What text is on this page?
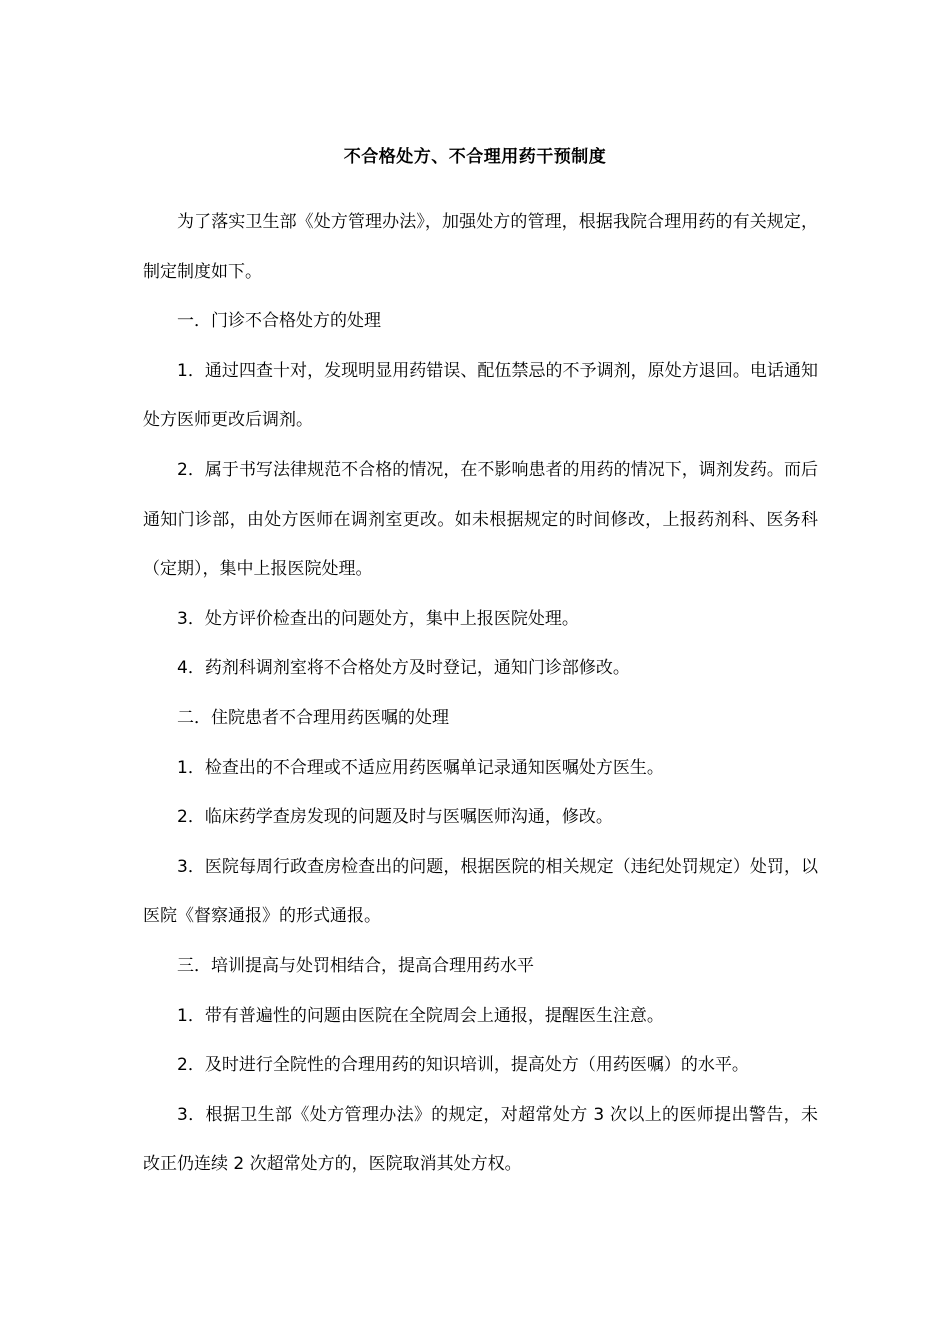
不合格处方、不合理用药干预制度

为了落实卫生部《处方管理办法》，加强处方的管理，根据我院合理用药的有关规定，制定制度如下。

一．门诊不合格处方的处理

1．通过四查十对，发现明显用药错误、配伍禁忌的不予调剂，原处方退回。电话通知处方医师更改后调剂。

2．属于书写法律规范不合格的情况，在不影响患者的用药的情况下，调剂发药。而后通知门诊部，由处方医师在调剂室更改。如未根据规定的时间修改，上报药剂科、医务科（定期），集中上报医院处理。

3．处方评价检查出的问题处方，集中上报医院处理。

4．药剂科调剂室将不合格处方及时登记，通知门诊部修改。

二．住院患者不合理用药医嘱的处理

1．检查出的不合理或不适应用药医嘱单记录通知医嘱处方医生。

2．临床药学查房发现的问题及时与医嘱医师沟通，修改。

3．医院每周行政查房检查出的问题，根据医院的相关规定（违纪处罚规定）处罚，以医院《督察通报》的形式通报。

三．培训提高与处罚相结合，提高合理用药水平

1．带有普遍性的问题由医院在全院周会上通报，提醒医生注意。

2．及时进行全院性的合理用药的知识培训，提高处方（用药医嘱）的水平。

3．根据卫生部《处方管理办法》的规定，对超常处方 3 次以上的医师提出警告，未改正仍连续 2 次超常处方的，医院取消其处方权。
